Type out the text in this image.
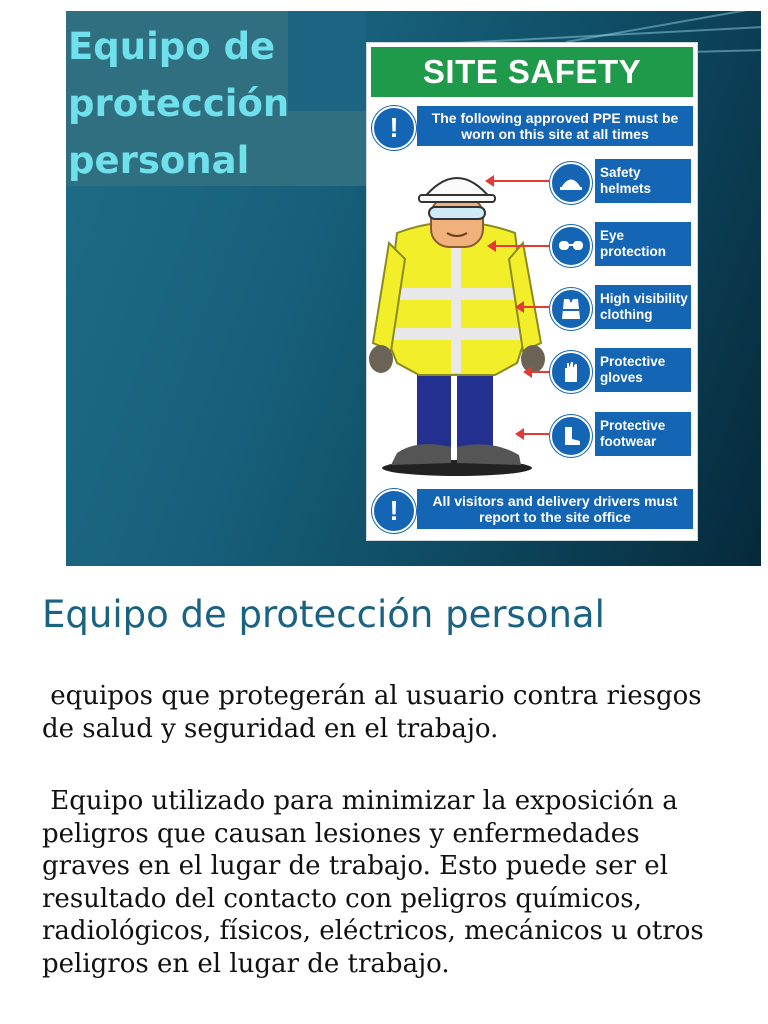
Equipo de protección personal
SITE SAFETY
!	The following approved PPE must be worn on this site at all times
Safety helmets
Eye protection
High visibility clothing
Protective gloves
Protective footwear
!	All visitors and delivery drivers must report to the site office
Equipo de protección personal
equipos que protegerán al usuario contra riesgos de salud y seguridad en el trabajo.
Equipo utilizado para minimizar la exposición a peligros que causan lesiones y enfermedades graves en el lugar de trabajo. Esto puede ser el resultado del contacto con peligros químicos, radiológicos, físicos, eléctricos, mecánicos u otros peligros en el lugar de trabajo.
